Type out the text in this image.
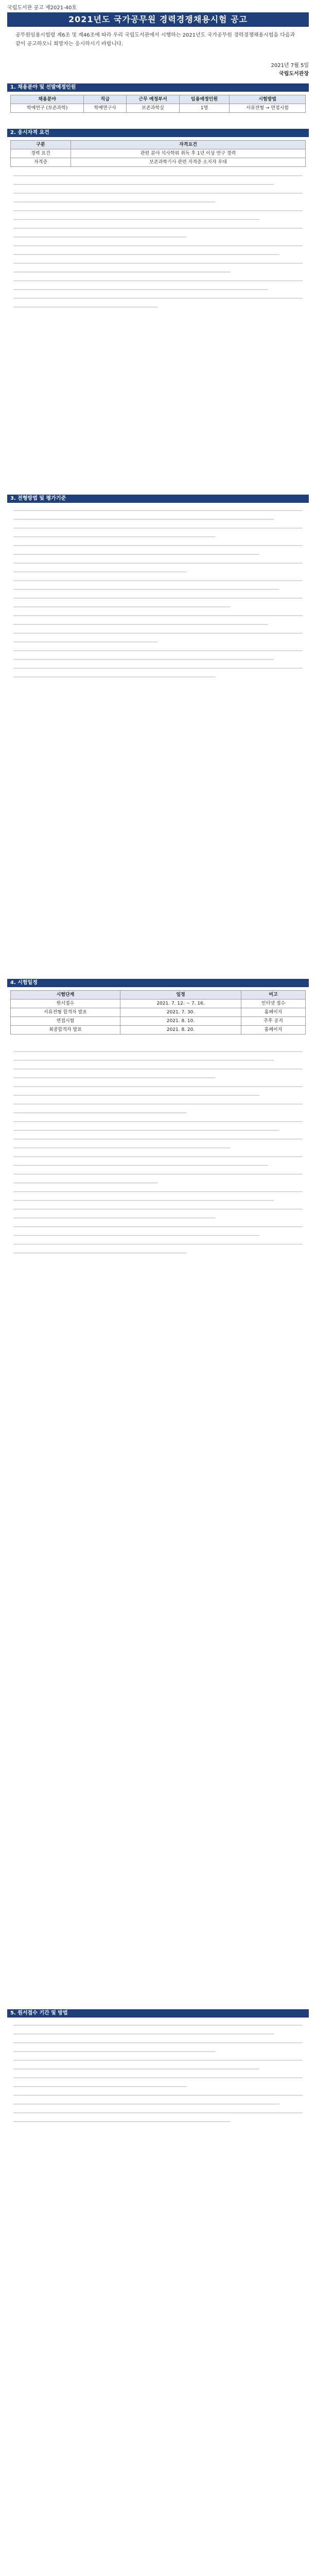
국립도서관 공고 제2021-40호
2021년도 국가공무원 경력경쟁채용시험 공고
공무원임용시험령 제6조 및 제46조에 따라 우리 국립도서관에서 시행하는 2021년도 국가공무원 경력경쟁채용시험을 다음과 같이 공고하오니 희망자는 응시하시기 바랍니다.
2021년 7월 5일
국립도서관장
1. 채용분야 및 선발예정인원
채용분야	직급	근무 예정부서	임용예정인원	시험방법
학예연구 (보존과학)	학예연구사	보존과학실	1명	서류전형 → 면접시험
2. 응시자격 요건
구분	자격요건
경력 요건	관련 분야 석사학위 취득 후 1년 이상 연구 경력
자격증	보존과학기사 관련 자격증 소지자 우대
3. 전형방법 및 평가기준
4. 시험일정
시험단계	일정	비고
원서접수	2021. 7. 12. ~ 7. 16.	인터넷 접수
서류전형 합격자 발표	2021. 7. 30.	홈페이지
면접시험	2021. 8. 10.	추후 공지
최종합격자 발표	2021. 8. 20.	홈페이지
5. 원서접수 기간 및 방법
